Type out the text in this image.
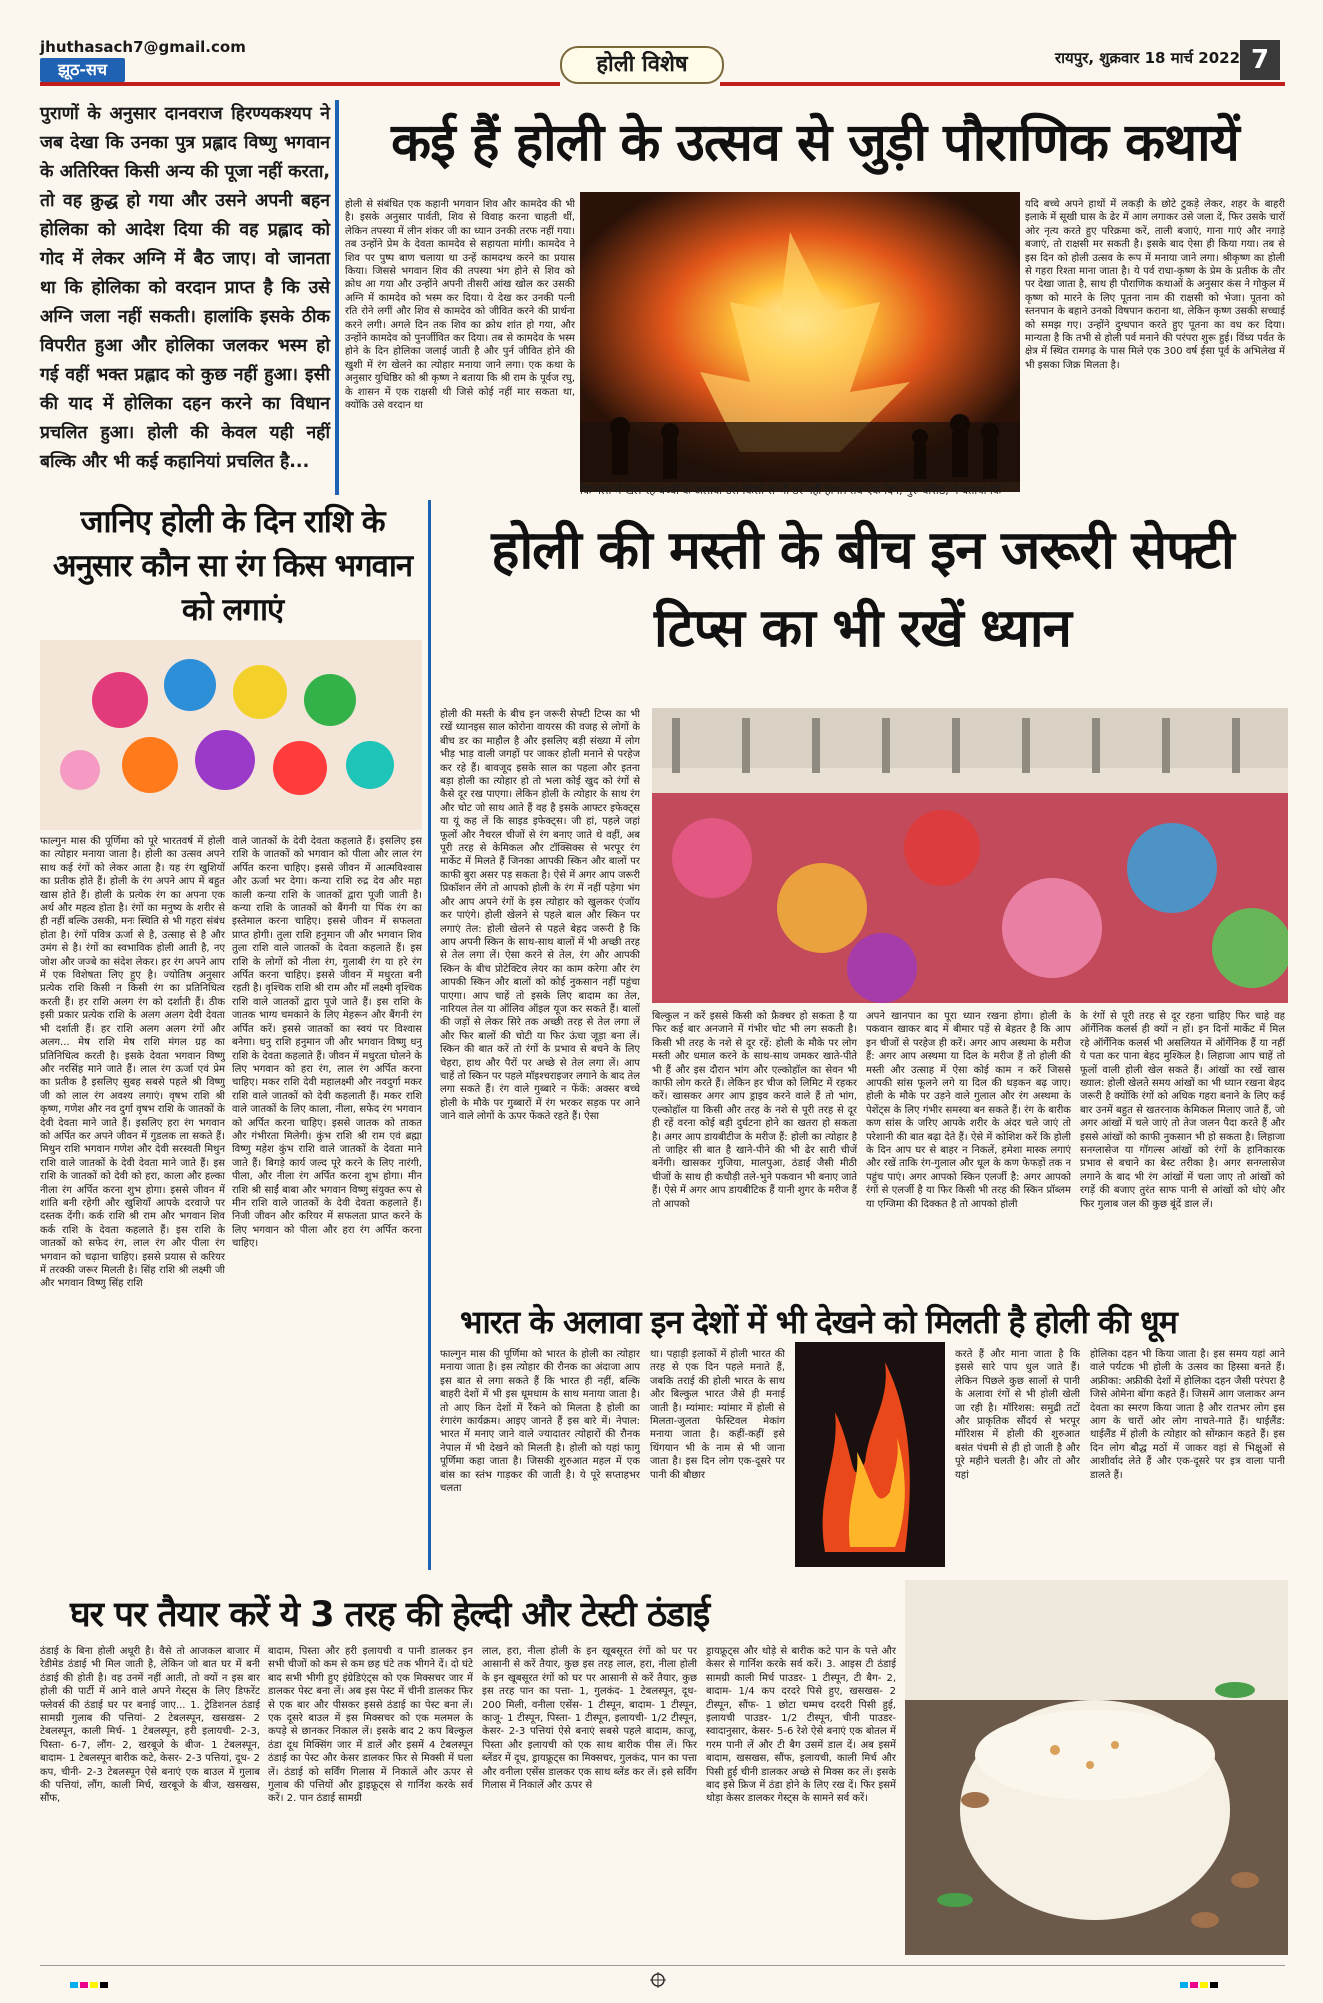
jhuthasach7@gmail.com
झूठ-सच	होली विशेष	रायपुर, शुक्रवार 18 मार्च 2022 7
पुराणों के अनुसार दानवराज हिरण्यकश्यप ने जब देखा कि उनका पुत्र प्रह्लाद विष्णु भगवान के अतिरिक्त किसी अन्य की पूजा नहीं करता, तो वह क्रुद्ध हो गया और उसने अपनी बहन होलिका को आदेश दिया की वह प्रह्लाद को गोद में लेकर अग्नि में बैठ जाए। वो जानता था कि होलिका को वरदान प्राप्त है कि उसे अग्नि जला नहीं सकती। हालांकि इसके ठीक विपरीत हुआ और होलिका जलकर भस्म हो गई वहीं भक्त प्रह्लाद को कुछ नहीं हुआ। इसी की याद में होलिका दहन करने का विधान प्रचलित हुआ। होली की केवल यही नहीं बल्कि और भी कई कहानियां प्रचलित है...
कई हैं होली के उत्सव से जुड़ी पौराणिक कथायें
होली से संबंधित एक कहानी भगवान शिव और कामदेव की भी है। इसके अनुसार पार्वती, शिव से विवाह करना चाहती थीं, लेकिन तपस्या में लीन शंकर जी का ध्यान उनकी तरफ नहीं गया। तब उन्होंने प्रेम के देवता कामदेव से सहायता मांगी। कामदेव ने शिव पर पुष्प बाण चलाया था उन्हें कामदग्ध करने का प्रयास किया। जिससे भगवान शिव की तपस्या भंग होने से शिव को क्रोध आ गया और उन्होंने अपनी तीसरी आंख खोल कर उसकी अग्नि में कामदेव को भस्म कर दिया। ये देख कर उनकी पत्नी रति रोने लगीं और शिव से कामदेव को जीवित करने की प्रार्थना करने लगी। अगले दिन तक शिव का क्रोध शांत हो गया, और उन्होंने कामदेव को पुनर्जीवित कर दिया। तब से कामदेव के भस्म होने के दिन होलिका जलाई जाती है और पुर्न जीवित होने की खुशी में रंग खेलने का त्योहार मनाया जाने लगा। एक कथा के अनुसार युधिष्ठिर को श्री कृष्ण ने बताया कि श्री राम के पूर्वज रघु, के शासन में एक राक्षसी थी जिसे कोई नहीं मार सकता था, क्योंकि उसे वरदान था
कि गली में खेल रहे बच्चों के अलावा उसे किसी से भी डर नहीं होगा। तब एक दिन, गुरु वशिष्ठ, ने बताया कि
यदि बच्चे अपने हाथों में लकड़ी के छोटे टुकड़े लेकर, शहर के बाहरी इलाके में सूखी घास के ढेर में आग लगाकर उसे जला दें, फिर उसके चारों ओर नृत्य करते हुए परिक्रमा करें, ताली बजाएं, गाना गाएं और नगाड़े बजाएं, तो राक्षसी मर सकती है। इसके बाद ऐसा ही किया गया। तब से इस दिन को होली उत्सव के रूप में मनाया जाने लगा। श्रीकृष्ण का होली से गहरा रिश्ता माना जाता है। ये पर्व राधा-कृष्ण के प्रेम के प्रतीक के तौर पर देखा जाता है, साथ ही पौराणिक कथाओं के अनुसार कंस ने गोकुल में कृष्ण को मारने के लिए पूतना नाम की राक्षसी को भेजा। पूतना को स्तनपान के बहाने उनको विषपान कराना था, लेकिन कृष्ण उसकी सच्चाई को समझ गए। उन्होंने दुग्धपान करते हुए पूतना का वध कर दिया। मान्यता है कि तभी से होली पर्व मनाने की परंपरा शुरू हुई। विंध्य पर्वत के क्षेत्र में स्थित रामगढ़ के पास मिले एक 300 वर्ष ईसा पूर्व के अभिलेख में भी इसका जिक्र मिलता है।
जानिए होली के दिन राशि के अनुसार कौन सा रंग किस भगवान को लगाएं
फाल्गुन मास की पूर्णिमा को पूरे भारतवर्ष में होली का त्योहार मनाया जाता है। होली का उत्सव अपने साथ कई रंगों को लेकर आता है। यह रंग खुशियों का प्रतीक होते हैं। होली के रंग अपने आप में बहुत खास होते हैं। होली के प्रत्येक रंग का अपना एक अर्थ और महत्व होता है। रंगों का मनुष्य के शरीर से ही नहीं बल्कि उसकी, मनः स्थिति से भी गहरा संबंध होता है। रंगों पवित्र ऊर्जा से है, उत्साह से है और उमंग से है। रंगों का स्वभाविक होली आती है, नए जोश और जज्बे का संदेश लेकर। हर रंग अपने आप में एक विशेषता लिए हुए है। ज्योतिष अनुसार प्रत्येक राशि किसी न किसी रंग का प्रतिनिधित्व करती हैं। हर राशि अलग रंग को दर्शाती हैं। ठीक इसी प्रकार प्रत्येक राशि के अलग अलग देवी देवता भी दर्शाती हैं। हर राशि अलग अलग रंगों और अलग... मेष राशि मेष राशि मंगल ग्रह का प्रतिनिधित्व करती है। इसके देवता भगवान विष्णु और नरसिंह माने जाते हैं। लाल रंग ऊर्जा एवं प्रेम का प्रतीक है इसलिए सुबह सबसे पहले श्री विष्णु जी को लाल रंग अवश्य लगाएं। वृषभ राशि श्री कृष्ण, गणेश और नव दुर्गा वृषभ राशि के जातकों के देवी देवता माने जाते हैं। इसलिए हरा रंग भगवान को अर्पित कर अपने जीवन में गुडलक ला सकते हैं। मिथुन राशि भगवान गणेश और देवी सरस्वती मिथुन राशि वाले जातकों के देवी देवता माने जाते हैं। इस राशि के जातकों को देवी को हरा, काला और हल्का नीला रंग अर्पित करना शुभ होगा। इससे जीवन में शांति बनी रहेगी और खुशियाँ आपके दरवाजे पर दस्तक देंगी। कर्क राशि श्री राम और भगवान शिव कर्क राशि के देवता कहलाते हैं। इस राशि के जातकों को सफेद रंग, लाल रंग और पीला रंग भगवान को चढ़ाना चाहिए। इससे प्रयास से करियर में तरक्की जरूर मिलती है। सिंह राशि श्री लक्ष्मी जी और भगवान विष्णु सिंह राशि
वाले जातकों के देवी देवता कहलाते हैं। इसलिए इस राशि के जातकों को भगवान को पीला और लाल रंग अर्पित करना चाहिए। इससे जीवन में आत्मविश्वास और ऊर्जा भर देगा। कन्या राशि रुद्र देव और महा काली कन्या राशि के जातकों द्वारा पूजी जाती है। कन्या राशि के जातकों को बैंगनी या पिंक रंग का इस्तेमाल करना चाहिए। इससे जीवन में सफलता प्राप्त होगी। तुला राशि हनुमान जी और भगवान शिव तुला राशि वाले जातकों के देवता कहलाते हैं। इस राशि के लोगों को नीला रंग, गुलाबी रंग या हरे रंग अर्पित करना चाहिए। इससे जीवन में मधुरता बनी रहती है। वृश्चिक राशि श्री राम और माँ लक्ष्मी वृश्चिक राशि वाले जातकों द्वारा पूजे जाते हैं। इस राशि के जातक भाग्य चमकाने के लिए मेहरून और बैंगनी रंग अर्पित करें। इससे जातकों का स्वयं पर विश्वास बनेगा। धनु राशि हनुमान जी और भगवान विष्णु धनु राशि के देवता कहलाते हैं। जीवन में मधुरता घोलने के लिए भगवान को हरा रंग, लाल रंग अर्पित करना चाहिए। मकर राशि देवी महालक्ष्मी और नवदुर्गा मकर राशि वाले जातकों को देवी कहलाती हैं। मकर राशि वाले जातकों के लिए काला, नीला, सफेद रंग भगवान को अर्पित करना चाहिए। इससे जातक को ताकत और गंभीरता मिलेगी। कुंभ राशि श्री राम एवं ब्रह्मा विष्णु महेश कुंभ राशि वाले जातकों के देवता माने जाते हैं। बिगड़े कार्य जल्द पूरे करने के लिए नारंगी, पीला, और नीला रंग अर्पित करना शुभ होगा। मीन राशि श्री साईं बाबा और भगवान विष्णु संयुक्त रूप से मीन राशि वाले जातकों के देवी देवता कहलाते हैं। निजी जीवन और करियर में सफलता प्राप्त करने के लिए भगवान को पीला और हरा रंग अर्पित करना चाहिए।
होली की मस्ती के बीच इन जरूरी सेफ्टी टिप्स का भी रखें ध्यान
होली की मस्ती के बीच इन जरूरी सेफ्टी टिप्स का भी रखें ध्यानइस साल कोरोना वायरस की वजह से लोगों के बीच डर का माहौल है और इसलिए बड़ी संख्या में लोग भीड़ भाड़ वाली जगहों पर जाकर होली मनाने से परहेज कर रहे हैं। बावजूद इसके साल का पहला और इतना बड़ा होली का त्योहार हो तो भला कोई खुद को रंगों से कैसे दूर रख पाएगा। लेकिन होली के त्योहार के साथ रंग और चोट जो साथ आते हैं वह है इसके आफ्टर इफेक्ट्स या यूं कह लें कि साइड इफेक्ट्स। जी हां, पहले जहां फूलों और नैचरल चीजों से रंग बनाए जाते थे वहीं, अब पूरी तरह से केमिकल और टॉक्सिक्स से भरपूर रंग मार्केट में मिलते हैं जिनका आपकी स्किन और बालों पर काफी बुरा असर पड़ सकता है। ऐसे में अगर आप जरूरी प्रिकॉशन लेंगे तो आपको होली के रंग में नहीं पड़ेगा भंग और आप अपने रंगों के इस त्योहार को खुलकर एंजॉय कर पाएंगे। होली खेलने से पहले बाल और स्किन पर लगाएं तेल: होली खेलने से पहले बेहद जरूरी है कि आप अपनी स्किन के साथ-साथ बालों में भी अच्छी तरह से तेल लगा लें। ऐसा करने से तेल, रंग और आपकी स्किन के बीच प्रोटेक्टिव लेयर का काम करेगा और रंग आपकी स्किन और बालों को कोई नुकसान नहीं पहुंचा पाएगा। आप चाहें तो इसके लिए बादाम का तेल, नारियल तेल या ऑलिव ऑइल यूज कर सकते हैं। बालों की जड़ों से लेकर सिरे तक अच्छी तरह से तेल लगा लें और फिर बालों की चोटी या फिर ऊंचा जूड़ा बना लें। स्किन की बात करें तो रंगों के प्रभाव से बचने के लिए चेहरा, हाथ और पैरों पर अच्छे से तेल लगा लें। आप चाहें तो स्किन पर पहले मॉइश्चराइजर लगाने के बाद तेल लगा सकते हैं। रंग वाले गुब्बारे न फेंकें: अक्सर बच्चे होली के मौके पर गुब्बारों में रंग भरकर सड़क पर आने जाने वाले लोगों के ऊपर फेंकते रहते हैं। ऐसा
बिल्कुल न करें इससे किसी को फ्रैक्चर हो सकता है या फिर कई बार अनजाने में गंभीर चोट भी लग सकती है। किसी भी तरह के नशे से दूर रहें: होली के मौके पर लोग मस्ती और धमाल करने के साथ-साथ जमकर खाते-पीते भी हैं और इस दौरान भांग और एल्कोहॉल का सेवन भी काफी लोग करते हैं। लेकिन हर चीज को लिमिट में रहकर करें। खासकर अगर आप ड्राइव करने वाले हैं तो भांग, एल्कोहॉल या किसी और तरह के नशे से पूरी तरह से दूर ही रहें वरना कोई बड़ी दुर्घटना होने का खतरा हो सकता है। अगर आप डायबीटीज के मरीज हैं: होली का त्योहार है तो जाहिर सी बात है खाने-पीने की भी ढेर सारी चीजें बनेंगी। खासकर गुजिया, मालपुआ, ठंडाई जैसी मीठी चीजों के साथ ही कचौड़ी तले-भुने पकवान भी बनाए जाते हैं। ऐसे में अगर आप डायबीटिक हैं यानी शुगर के मरीज हैं तो आपको
अपने खानपान का पूरा ध्यान रखना होगा। होली के पकवान खाकर बाद में बीमार पड़ें से बेहतर है कि आप इन चीजों से परहेज ही करें। अगर आप अस्थमा के मरीज हैं: अगर आप अस्थमा या दिल के मरीज हैं तो होली की मस्ती और उत्साह में ऐसा कोई काम न करें जिससे आपकी सांस फूलने लगे या दिल की धड़कन बढ़ जाए। होली के मौके पर उड़ने वाले गुलाल और रंग अस्थमा के पेशेंट्स के लिए गंभीर समस्या बन सकते हैं। रंग के बारीक कण सांस के जरिए आपके शरीर के अंदर चले जाएं तो परेशानी की बात बढ़ा देते हैं। ऐसे में कोशिश करें कि होली के दिन आप घर से बाहर न निकलें, हमेशा मास्क लगाएं और रखें ताकि रंग-गुलाल और धूल के कण फेफड़ों तक न पहुंच पाएं। अगर आपको स्किन एलर्जी है: अगर आपको रंगों से एलर्जी है या फिर किसी भी तरह की स्किन प्रॉब्लम या एग्जिमा की दिक्कत है तो आपको होली
के रंगों से पूरी तरह से दूर रहना चाहिए फिर चाहे वह ऑर्गेनिक कलर्स ही क्यों न हों। इन दिनों मार्केट में मिल रहे ऑर्गेनिक कलर्स भी असलियत में ऑर्गेनिक हैं या नहीं ये पता कर पाना बेहद मुश्किल है। लिहाजा आप चाहें तो फूलों वाली होली खेल सकते हैं। आंखों का रखें खास ख्याल: होली खेलते समय आंखों का भी ध्यान रखना बेहद जरूरी है क्योंकि रंगों को अधिक गहरा बनाने के लिए कई बार उनमें बहुत से खतरनाक केमिकल मिलाए जाते हैं, जो अगर आंखों में चले जाएं तो तेज जलन पैदा करते हैं और इससे आंखों को काफी नुकसान भी हो सकता है। लिहाजा सनग्लासेज या गॉगल्स आंखों को रंगों के हानिकारक प्रभाव से बचाने का बेस्ट तरीका है। अगर सनग्लासेज लगाने के बाद भी रंग आंखों में चला जाए तो आंखों को रगड़ें की बजाए तुरंत साफ पानी से आंखों को धोएं और फिर गुलाब जल की कुछ बूंदें डाल लें।
भारत के अलावा इन देशों में भी देखने को मिलती है होली की धूम
फाल्गुन मास की पूर्णिमा को भारत के होली का त्योहार मनाया जाता है। इस त्योहार की रौनक का अंदाजा आप इस बात से लगा सकते हैं कि भारत ही नहीं, बल्कि बाहरी देशों में भी इस धूमधाम के साथ मनाया जाता है। तो आए किन देशों में रैंकने को मिलता है होली का रंगारंग कार्यक्रम। आइए जानते हैं इस बारे में। नेपाल: भारत में मनाए जाने वाले ज्यादातर त्योहारों की रौनक नेपाल में भी देखने को मिलती है। होली को यहां फागु पूर्णिमा कहा जाता है। जिसकी शुरुआत महल में एक बांस का स्तंभ गाड़कर की जाती है। ये पूरे सप्ताहभर चलता
था। पहाड़ी इलाकों में होली भारत की तरह से एक दिन पहले मनाते हैं, जबकि तराई की होली भारत के साथ और बिल्कुल भारत जैसे ही मनाई जाती है। म्यांमार: म्यांमार में होली से मिलता-जुलता फेस्टिवल मेकांग मनाया जाता है। कहीं-कहीं इसे थिंगयान भी के नाम से भी जाना जाता है। इस दिन लोग एक-दूसरे पर पानी की बौछार
करते हैं और माना जाता है कि इससे सारे पाप धुल जाते हैं। लेकिन पिछले कुछ सालों से पानी के अलावा रंगों से भी होली खेली जा रही है। मॉरिशस: समुद्री तटों और प्राकृतिक सौंदर्य से भरपूर मॉरिशस में होली की शुरुआत बसंत पंचमी से ही हो जाती है और पूरे महीने चलती है। और तो और यहां
होलिका दहन भी किया जाता है। इस समय यहां आने वाले पर्यटक भी होली के उत्सव का हिस्सा बनते हैं। अफ्रीका: अफ्रीकी देशों में होलिका दहन जैसी परंपरा है जिसे ओमेना बोंगा कहते हैं। जिसमें आग जलाकर अग्न देवता का स्मरण किया जाता है और रातभर लोग इस आग के चारों ओर लोग नाचते-गाते हैं। थाईलैंड: थाईलैंड में होली के त्योहार को सोंग्क्रान कहते हैं। इस दिन लोग बौद्ध मठों में जाकर वहां से भिक्षुओं से आशीर्वाद लेते हैं और एक-दूसरे पर इत्र वाला पानी डालते हैं।
घर पर तैयार करें ये 3 तरह की हेल्दी और टेस्टी ठंडाई
ठंडाई के बिना होली अधूरी है। वैसे तो आजकल बाजार में रेडीमेड ठंडाई भी मिल जाती है, लेकिन जो बात घर में बनी ठंडाई की होती है। वह उनमें नहीं आती, तो क्यों न इस बार होली की पार्टी में आने वाले अपने गेस्ट्स के लिए डिफरेंट फ्लेवर्स की ठंडाई घर पर बनाई जाए... 1. ट्रेडिशनल ठंडाई सामग्री गुलाब की पत्तियां- 2 टेबलस्पून, खसखस- 2 टेबलस्पून, काली मिर्च- 1 टेबलस्पून, हरी इलायची- 2-3, पिस्ता- 6-7, लौंग- 2, खरबूजे के बीज- 1 टेबलस्पून, बादाम- 1 टेबलस्पून बारीक कटे, केसर- 2-3 पत्तियां, दूध- 2 कप, चीनी- 2-3 टेबलस्पून ऐसे बनाएं एक बाउल में गुलाब की पत्तियां, लौंग, काली मिर्च, खरबूजे के बीज, खसखस, सौंफ,
बादाम, पिस्ता और हरी इलायची व पानी डालकर इन सभी चीजों को कम से कम छह घंटे तक भीगने दें। दो घंटे बाद सभी भीगी हुए इंग्रेडिएंट्स को एक मिक्सचर जार में डालकर पेस्ट बना लें। अब इस पेस्ट में चीनी डालकर फिर से एक बार और पीसकर इससे ठंडाई का पेस्ट बना लें। एक दूसरे बाउल में इस मिक्सचर को एक मलमल के कपड़े से छानकर निकाल लें। इसके बाद 2 कप बिल्कुल ठंडा दूध मिक्सिंग जार में डालें और इसमें 4 टेबलस्पून ठंडाई का पेस्ट और केसर डालकर फिर से मिक्सी में घला लें। ठंडाई को सर्विंग गिलास में निकालें और ऊपर से गुलाब की पत्तियों और ड्राइफ्रूट्स से गार्निश करके सर्व करें। 2. पान ठंडाई सामग्री
लाल, हरा, नीला होली के इन खूबसूरत रंगों को घर पर आसानी से करें तैयार, कुछ इस तरह लाल, हरा, नीला होली के इन खूबसूरत रंगों को घर पर आसानी से करें तैयार, कुछ इस तरह पान का पत्ता- 1, गुलकंद- 1 टेबलस्पून, दूध- 200 मिली, वनीला एसेंस- 1 टीस्पून, बादाम- 1 टीस्पून, काजू- 1 टीस्पून, पिस्ता- 1 टीस्पून, इलायची- 1/2 टीस्पून, केसर- 2-3 पत्तियां ऐसे बनाएं सबसे पहले बादाम, काजू, पिस्ता और इलायची को एक साथ बारीक पीस लें। फिर ब्लेंडर में दूध, ड्रायफ्रूट्स का मिक्सचर, गुलकंद, पान का पत्ता और वनीला एसेंस डालकर एक साथ ब्लेंड कर लें। इसे सर्विंग गिलास में निकालें और ऊपर से
ड्रायफ्रूट्स और थोड़े से बारीक कटे पान के पत्ते और केसर से गार्निश करके सर्व करें। 3. आइस टी ठंडाई सामग्री काली मिर्च पाउडर- 1 टीस्पून, टी बैग- 2, बादाम- 1/4 कप दरदरे पिसे हुए, खसखस- 2 टीस्पून, सौंफ- 1 छोटा चम्मच दरदरी पिसी हुई, इलायची पाउडर- 1/2 टीस्पून, चीनी पाउडर- स्वादानुसार, केसर- 5-6 रेशे ऐसे बनाएं एक बोतल में गरम पानी लें और टी बैग उसमें डाल दें। अब इसमें बादाम, खसखस, सौंफ, इलायची, काली मिर्च और पिसी हुई चीनी डालकर अच्छे से मिक्स कर लें। इसके बाद इसे फ्रिज में ठंडा होने के लिए रख दें। फिर इसमें थोड़ा केसर डालकर गेस्ट्स के सामने सर्व करें।
